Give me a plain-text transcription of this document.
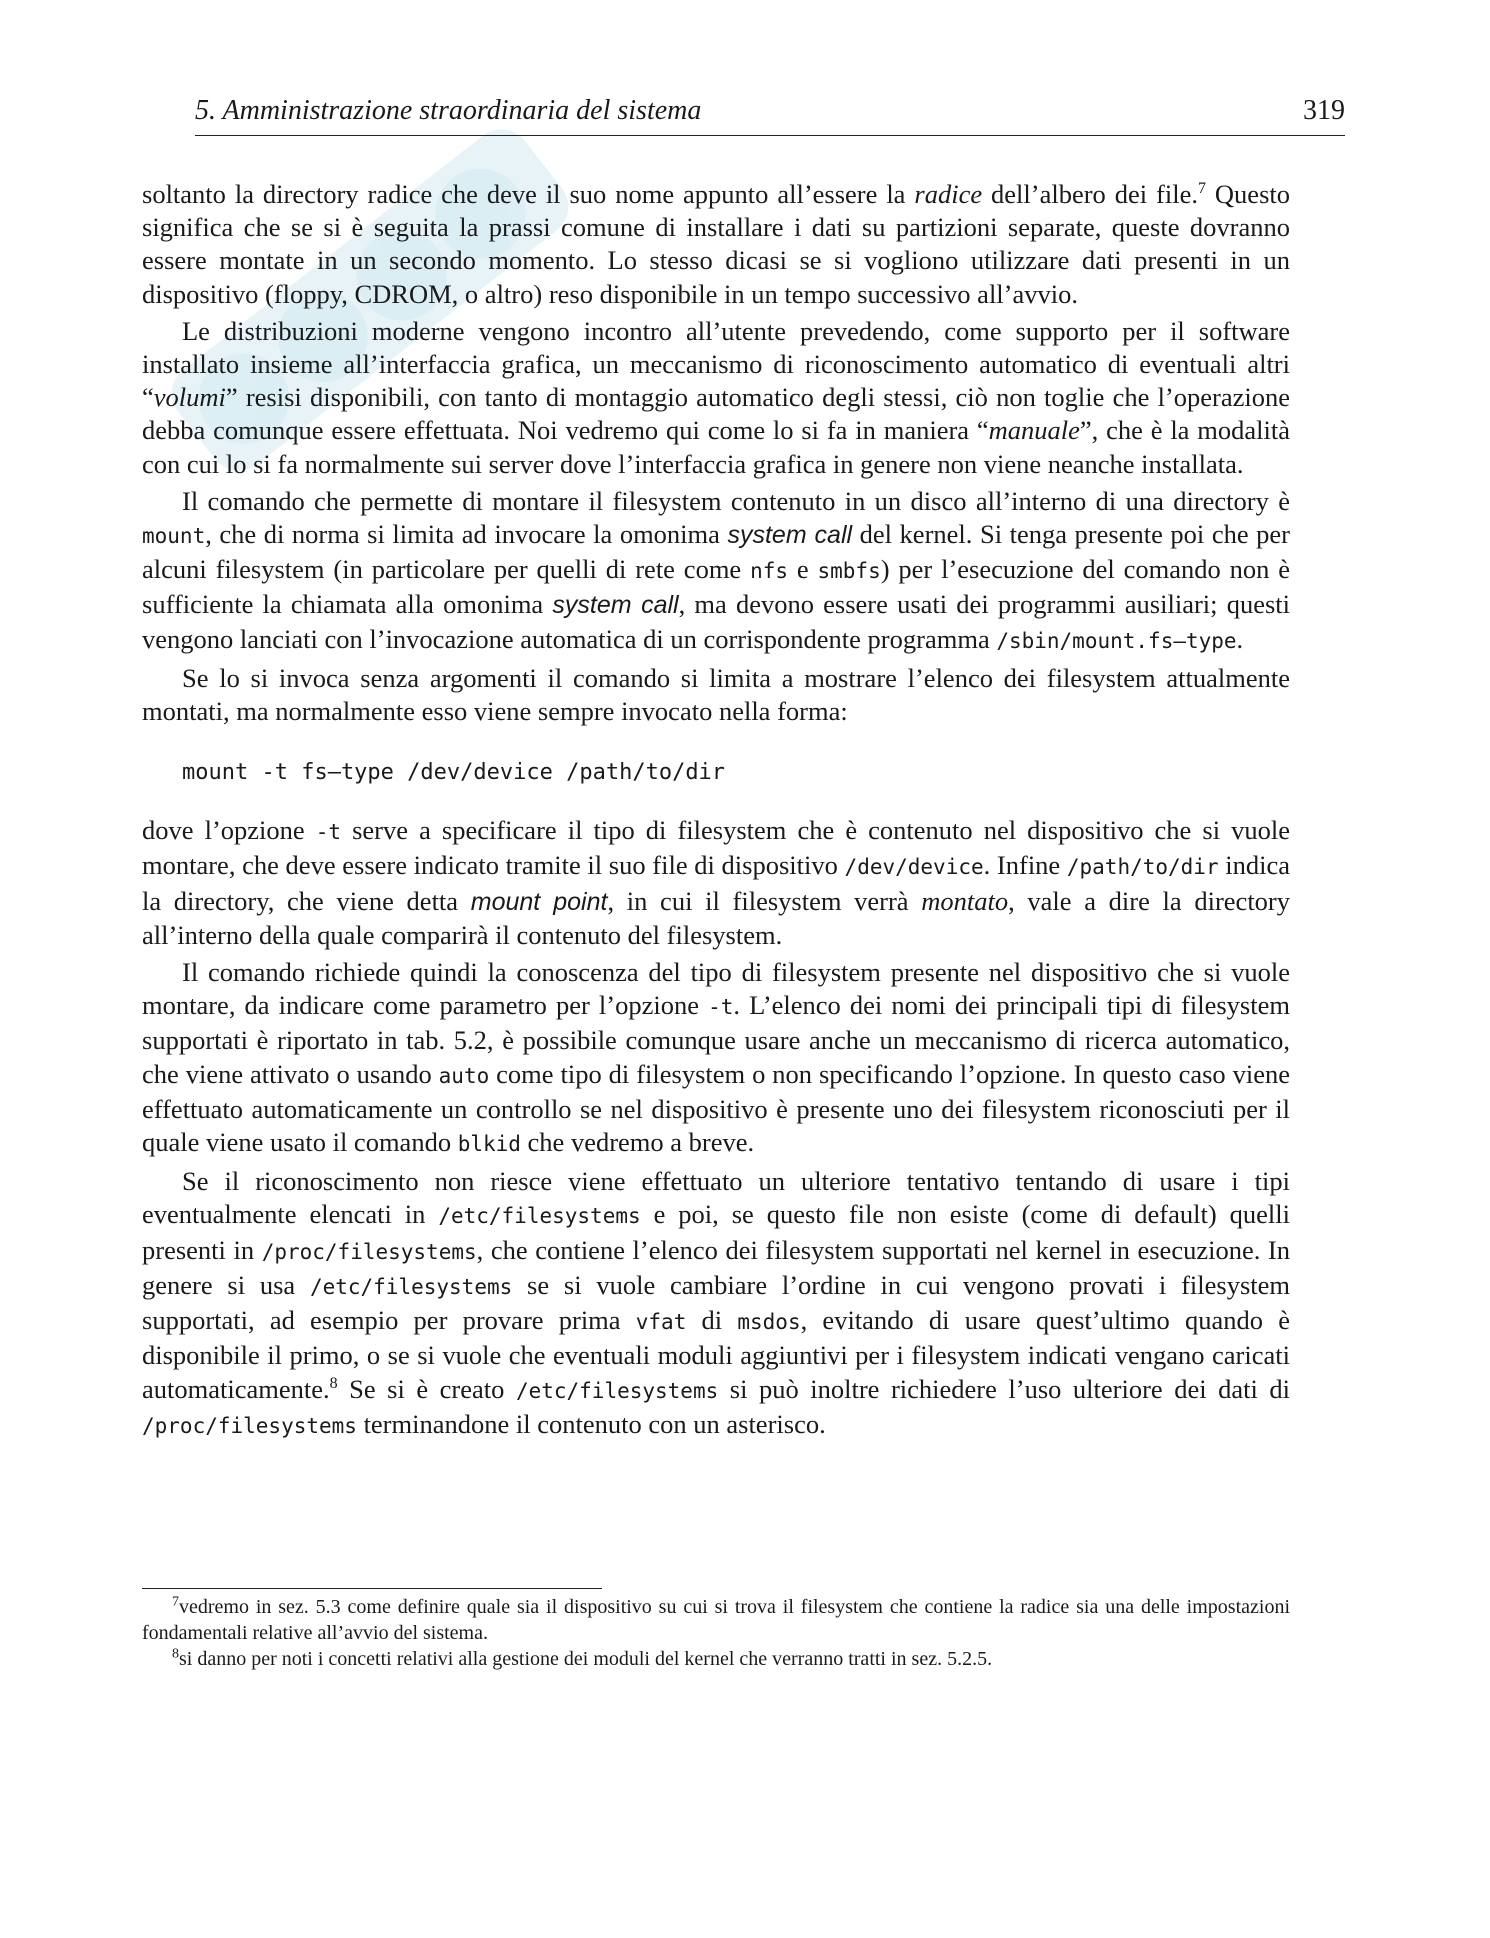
5. Amministrazione straordinaria del sistema	319

soltanto la directory radice che deve il suo nome appunto all’essere la radice dell’albero dei file.$^7$ Questo significa che se si è seguita la prassi comune di installare i dati su partizioni separate, queste dovranno essere montate in un secondo momento. Lo stesso dicasi se si vogliono utilizzare dati presenti in un dispositivo (floppy, CDROM, o altro) reso disponibile in un tempo successivo all’avvio.

Le distribuzioni moderne vengono incontro all’utente prevedendo, come supporto per il software installato insieme all’interfaccia grafica, un meccanismo di riconoscimento automatico di eventuali altri “volumi” resisi disponibili, con tanto di montaggio automatico degli stessi, ciò non toglie che l’operazione debba comunque essere effettuata. Noi vedremo qui come lo si fa in maniera “manuale”, che è la modalità con cui lo si fa normalmente sui server dove l’interfaccia grafica in genere non viene neanche installata.

Il comando che permette di montare il filesystem contenuto in un disco all’interno di una directory è mount, che di norma si limita ad invocare la omonima system call del kernel. Si tenga presente poi che per alcuni filesystem (in particolare per quelli di rete come nfs e smbfs) per l’esecuzione del comando non è sufficiente la chiamata alla omonima system call, ma devono essere usati dei programmi ausiliari; questi vengono lanciati con l’invocazione automatica di un corrispondente programma /sbin/mount.fs–type.

Se lo si invoca senza argomenti il comando si limita a mostrare l’elenco dei filesystem attualmente montati, ma normalmente esso viene sempre invocato nella forma:

mount -t fs–type /dev/device /path/to/dir

dove l’opzione -t serve a specificare il tipo di filesystem che è contenuto nel dispositivo che si vuole montare, che deve essere indicato tramite il suo file di dispositivo /dev/device. Infine /path/to/dir indica la directory, che viene detta mount point, in cui il filesystem verrà montato, vale a dire la directory all’interno della quale comparirà il contenuto del filesystem.

Il comando richiede quindi la conoscenza del tipo di filesystem presente nel dispositivo che si vuole montare, da indicare come parametro per l’opzione -t. L’elenco dei nomi dei principali tipi di filesystem supportati è riportato in tab. 5.2, è possibile comunque usare anche un meccanismo di ricerca automatico, che viene attivato o usando auto come tipo di filesystem o non specificando l’opzione. In questo caso viene effettuato automaticamente un controllo se nel dispositivo è presente uno dei filesystem riconosciuti per il quale viene usato il comando blkid che vedremo a breve.

Se il riconoscimento non riesce viene effettuato un ulteriore tentativo tentando di usare i tipi eventualmente elencati in /etc/filesystems e poi, se questo file non esiste (come di default) quelli presenti in /proc/filesystems, che contiene l’elenco dei filesystem supportati nel kernel in esecuzione. In genere si usa /etc/filesystems se si vuole cambiare l’ordine in cui vengono provati i filesystem supportati, ad esempio per provare prima vfat di msdos, evitando di usare quest’ultimo quando è disponibile il primo, o se si vuole che eventuali moduli aggiuntivi per i filesystem indicati vengano caricati automaticamente.$^8$ Se si è creato /etc/filesystems si può inoltre richiedere l’uso ulteriore dei dati di /proc/filesystems terminandone il contenuto con un asterisco.

$^7$vedremo in sez. 5.3 come definire quale sia il dispositivo su cui si trova il filesystem che contiene la radice sia una delle impostazioni fondamentali relative all’avvio del sistema.

$^8$si danno per noti i concetti relativi alla gestione dei moduli del kernel che verranno tratti in sez. 5.2.5.
